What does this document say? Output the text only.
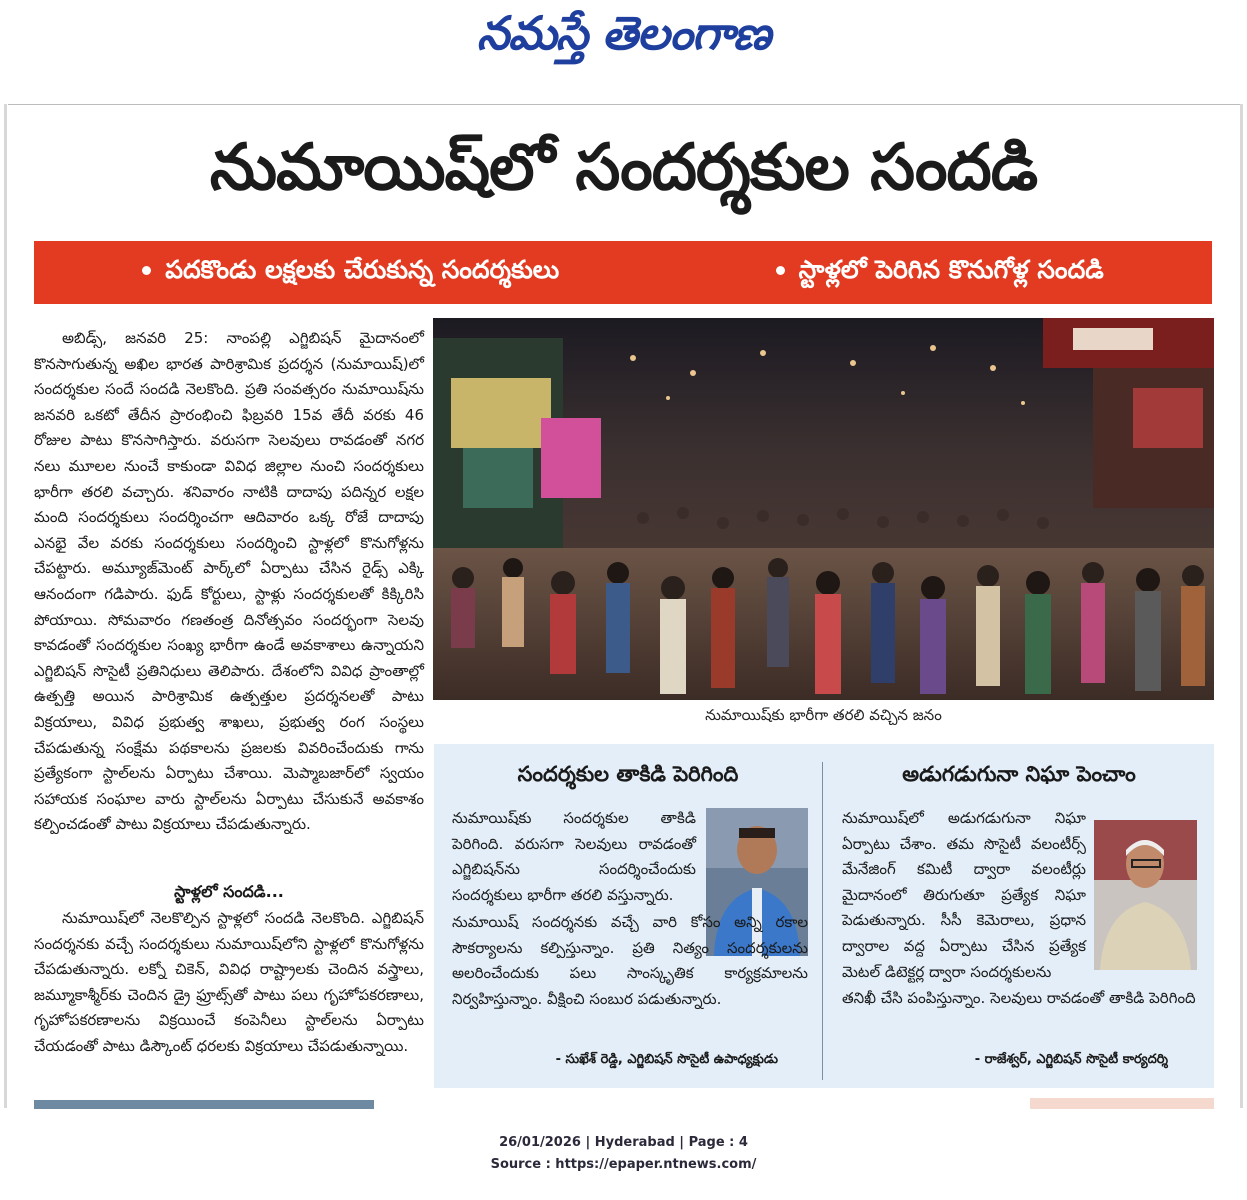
నమస్తే తెలంగాణ
నుమాయిష్‌లో సందర్శకుల సందడి
పదకొండు లక్షలకు చేరుకున్న సందర్శకులు	స్టాళ్లలో పెరిగిన కొనుగోళ్ల సందడి
అబిడ్స్, జనవరి 25: నాంపల్లి ఎగ్జిబిషన్ మైదానంలో కొనసాగుతున్న అఖిల భారత పారిశ్రామిక ప్రదర్శన (నుమాయిష్)లో సందర్శకుల సందే సందడి నెలకొంది. ప్రతి సంవత్సరం నుమాయిష్‌ను జనవరి ఒకటో తేదీన ప్రారంభించి ఫిబ్రవరి 15వ తేదీ వరకు 46 రోజుల పాటు కొనసాగిస్తారు. వరుసగా సెలవులు రావడంతో నగర నలు మూలల నుంచే కాకుండా వివిధ జిల్లాల నుంచి సందర్శకులు భారీగా తరలి వచ్చారు. శనివారం నాటికి దాదాపు పదిన్నర లక్షల మంది సందర్శకులు సందర్శించగా ఆదివారం ఒక్క రోజే దాదాపు ఎనభై వేల వరకు సందర్శకులు సందర్శించి స్టాళ్లలో కొనుగోళ్లను చేపట్టారు. అమ్యూజ్‌మెంట్ పార్క్‌లో ఏర్పాటు చేసిన రైడ్స్ ఎక్కి ఆనందంగా గడిపారు. ఫుడ్ కోర్టులు, స్టాళ్లు సందర్శకులతో కిక్కిరిసి పోయాయి. సోమవారం గణతంత్ర దినోత్సవం సందర్భంగా సెలవు కావడంతో సందర్శకుల సంఖ్య భారీగా ఉండే అవకాశాలు ఉన్నాయని ఎగ్జిబిషన్ సొసైటీ ప్రతినిధులు తెలిపారు. దేశంలోని వివిధ ప్రాంతాల్లో ఉత్పత్తి అయిన పారిశ్రామిక ఉత్పత్తుల ప్రదర్శనలతో పాటు విక్రయాలు, వివిధ ప్రభుత్వ శాఖలు, ప్రభుత్వ రంగ సంస్థలు చేపడుతున్న సంక్షేమ పథకాలను ప్రజలకు వివరించేందుకు గాను ప్రత్యేకంగా స్టాల్‌లను ఏర్పాటు చేశాయి. మెప్మాబజార్‌లో స్వయం సహాయక సంఘాల వారు స్టాల్‌లను ఏర్పాటు చేసుకునే అవకాశం కల్పించడంతో పాటు విక్రయాలు చేపడుతున్నారు.
స్టాళ్లలో సందడి...
నుమాయిష్‌లో నెలకొల్పిన స్టాళ్లలో సందడి నెలకొంది. ఎగ్జిబిషన్ సందర్శనకు వచ్చే సందర్శకులు నుమాయిష్‌లోని స్టాళ్లలో కొనుగోళ్లను చేపడుతున్నారు. లక్నో చికెన్, వివిధ రాష్ట్రాలకు చెందిన వస్త్రాలు, జమ్మూకాశ్మీర్‌కు చెందిన డ్రై ఫ్రూట్స్‌తో పాటు పలు గృహోపకరణాలు, గృహోపకరణాలను విక్రయించే కంపెనీలు స్టాల్‌లను ఏర్పాటు చేయడంతో పాటు డిస్కౌంట్ ధరలకు విక్రయాలు చేపడుతున్నాయి.
నుమాయిష్‌కు భారీగా తరలి వచ్చిన జనం
సందర్శకుల తాకిడి పెరిగింది
నుమాయిష్‌కు సందర్శకుల తాకిడి పెరిగింది. వరుసగా సెలవులు రావడంతో ఎగ్జిబిషన్‌ను సందర్శించేందుకు సందర్శకులు భారీగా తరలి వస్తున్నారు.
నుమాయిష్ సందర్శనకు వచ్చే వారి కోసం అన్ని రకాల సౌకర్యాలను కల్పిస్తున్నాం. ప్రతి నిత్యం సందర్శకులను అలరించేందుకు పలు సాంస్కృతిక కార్యక్రమాలను నిర్వహిస్తున్నాం. వీక్షించి సంబుర పడుతున్నారు.
- సుఖేశ్ రెడ్డి, ఎగ్జిబిషన్ సొసైటీ ఉపాధ్యక్షుడు
అడుగడుగునా నిఘా పెంచాం
నుమాయిష్‌లో అడుగడుగునా నిఘా ఏర్పాటు చేశాం. తమ సొసైటీ వలంటీర్స్ మేనేజింగ్ కమిటీ ద్వారా వలంటీర్లు మైదానంలో తిరుగుతూ ప్రత్యేక నిఘా పెడుతున్నారు. సీసీ కెమెరాలు, ప్రధాన ద్వారాల వద్ద ఏర్పాటు చేసిన ప్రత్యేక మెటల్ డిటెక్టర్ల ద్వారా సందర్శకులను
తనిఖీ చేసి పంపిస్తున్నాం. సెలవులు రావడంతో తాకిడి పెరిగింది
- రాజేశ్వర్, ఎగ్జిబిషన్ సొసైటీ కార్యదర్శి
26/01/2026 | Hyderabad | Page : 4
Source : https://epaper.ntnews.com/
